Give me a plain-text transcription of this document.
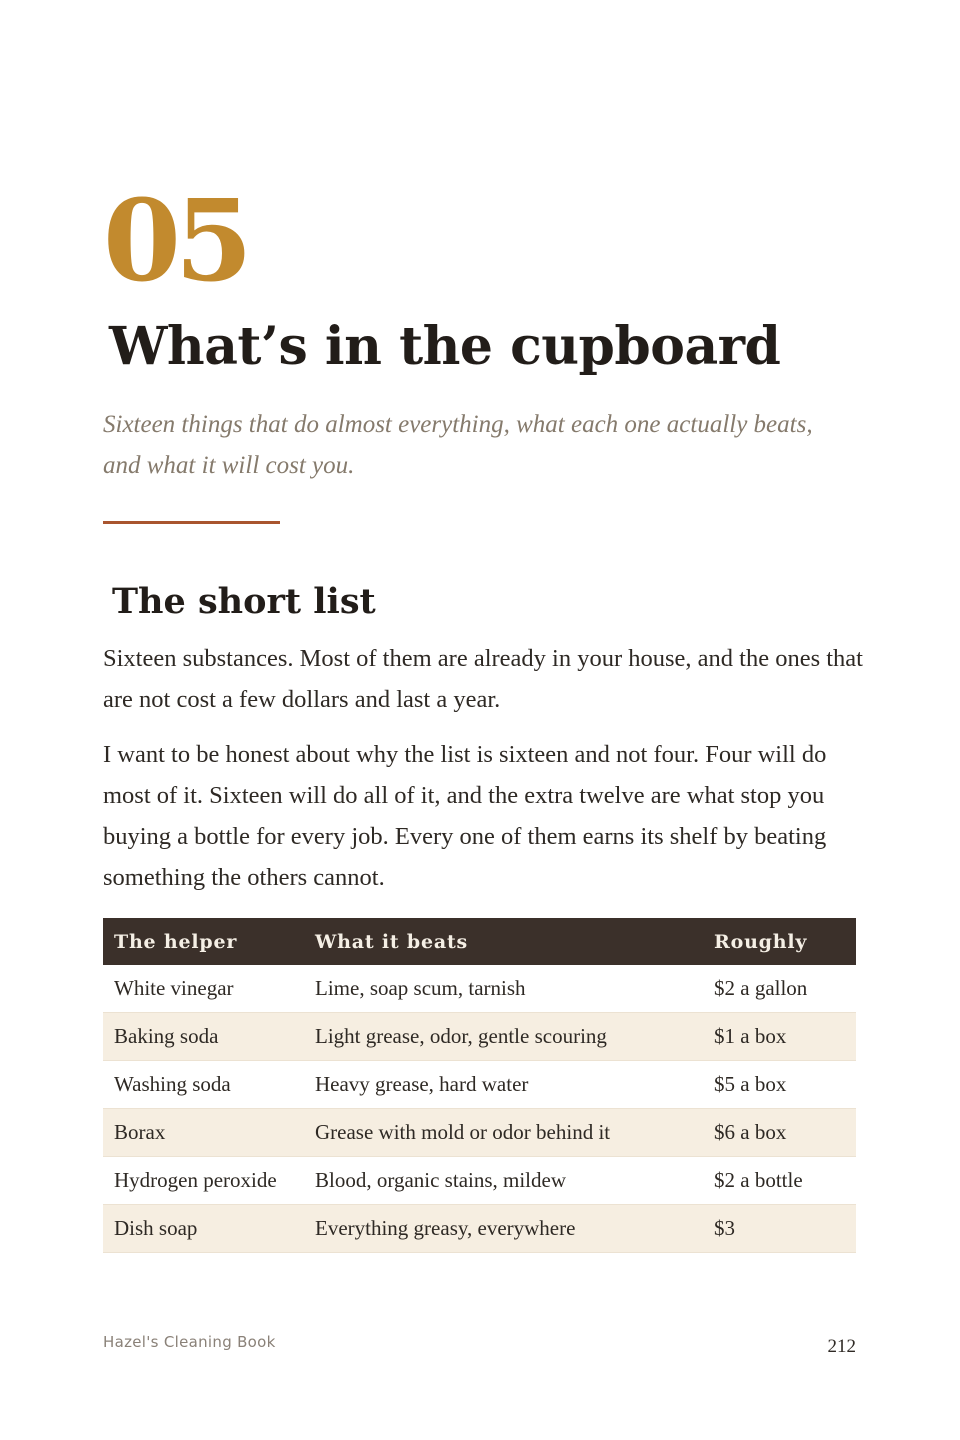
05
What’s in the cupboard
Sixteen things that do almost everything, what each one actually beats, and what it will cost you.
The short list
Sixteen substances. Most of them are already in your house, and the ones that are not cost a few dollars and last a year.
I want to be honest about why the list is sixteen and not four. Four will do most of it. Sixteen will do all of it, and the extra twelve are what stop you buying a bottle for every job. Every one of them earns its shelf by beating something the others cannot.
The helper	What it beats	Roughly
White vinegar	Lime, soap scum, tarnish	$2 a gallon
Baking soda	Light grease, odor, gentle scouring	$1 a box
Washing soda	Heavy grease, hard water	$5 a box
Borax	Grease with mold or odor behind it	$6 a box
Hydrogen peroxide	Blood, organic stains, mildew	$2 a bottle
Dish soap	Everything greasy, everywhere	$3
Hazel's Cleaning Book	212
